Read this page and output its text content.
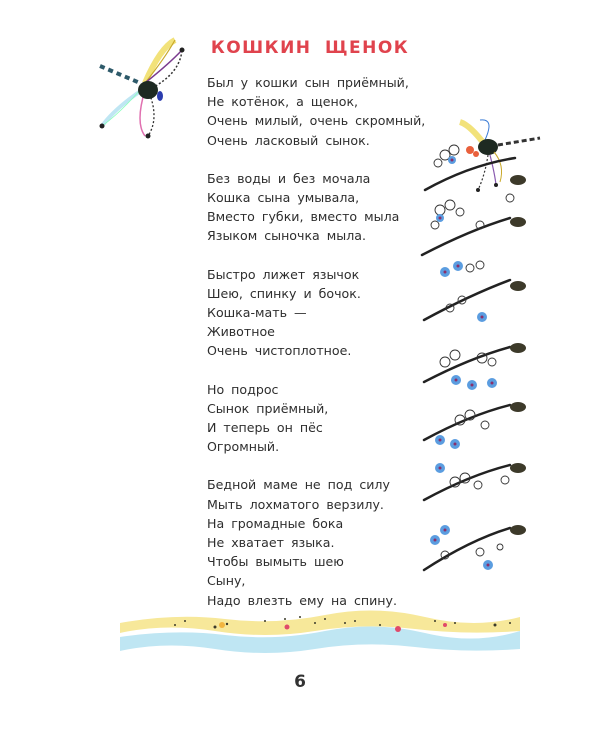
КОШКИН ЩЕНОК
Был у кошки сын приёмный,
Не котёнок, а щенок,
Очень милый, очень скромный,
Очень ласковый сынок.
Без воды и без мочала
Кошка сына умывала,
Вместо губки, вместо мыла
Языком сыночка мыла.
Быстро лижет язычок
Шею, спинку и бочок.
Кошка-мать —
Животное
Очень чистоплотное.
Но подрос
Сынок приёмный,
И теперь он пёс
Огромный.
Бедной маме не под силу
Мыть лохматого верзилу.
На громадные бока
Не хватает языка.
Чтобы вымыть шею
Сыну,
Надо влезть ему на спину.
6
